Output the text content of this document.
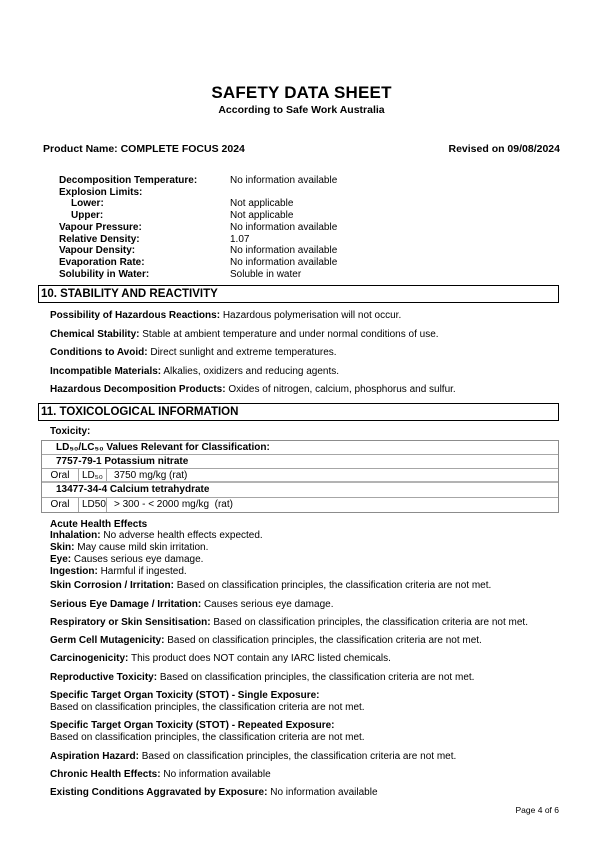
SAFETY DATA SHEET
According to Safe Work Australia
Product Name: COMPLETE FOCUS 2024	Revised on 09/08/2024
Decomposition Temperature:	No information available
Explosion Limits:
Lower:	Not applicable
Upper:	Not applicable
Vapour Pressure:	No information available
Relative Density:	1.07
Vapour Density:	No information available
Evaporation Rate:	No information available
Solubility in Water:	Soluble in water
10. STABILITY AND REACTIVITY

Possibility of Hazardous Reactions: Hazardous polymerisation will not occur.

Chemical Stability: Stable at ambient temperature and under normal conditions of use.

Conditions to Avoid: Direct sunlight and extreme temperatures.

Incompatible Materials: Alkalies, oxidizers and reducing agents.

Hazardous Decomposition Products: Oxides of nitrogen, calcium, phosphorus and sulfur.

11. TOXICOLOGICAL INFORMATION
Toxicity:
LD₅₀/LC₅₀ Values Relevant for Classification:
7757-79-1 Potassium nitrate
Oral	LD₅₀	3750 mg/kg (rat)
13477-34-4 Calcium tetrahydrate
Oral	LD50 > 300 - < 2000 mg/kg  (rat)
Acute Health Effects
Inhalation: No adverse health effects expected.
Skin: May cause mild skin irritation.
Eye: Causes serious eye damage.
Ingestion: Harmful if ingested.

Skin Corrosion / Irritation: Based on classification principles, the classification criteria are not met.

Serious Eye Damage / Irritation: Causes serious eye damage.

Respiratory or Skin Sensitisation: Based on classification principles, the classification criteria are not met.

Germ Cell Mutagenicity: Based on classification principles, the classification criteria are not met.

Carcinogenicity: This product does NOT contain any IARC listed chemicals.

Reproductive Toxicity: Based on classification principles, the classification criteria are not met.

Specific Target Organ Toxicity (STOT) - Single Exposure:
Based on classification principles, the classification criteria are not met.

Specific Target Organ Toxicity (STOT) - Repeated Exposure:
Based on classification principles, the classification criteria are not met.

Aspiration Hazard: Based on classification principles, the classification criteria are not met.

Chronic Health Effects: No information available

Existing Conditions Aggravated by Exposure: No information available

Page 4 of 6
